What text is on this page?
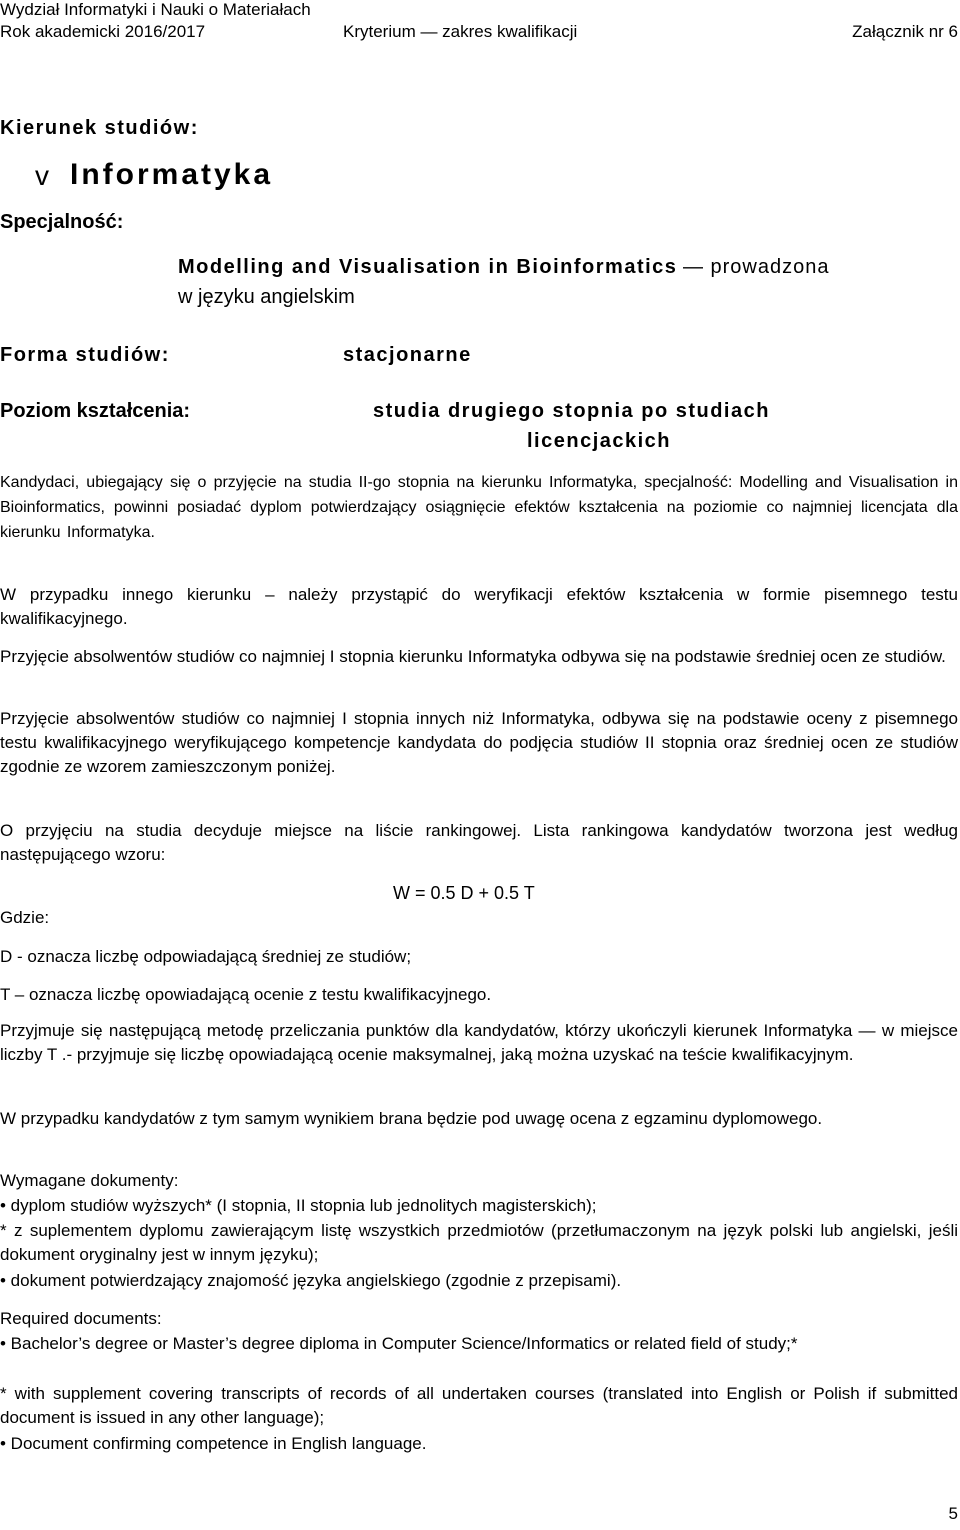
Wydział Informatyki i Nauki o Materiałach
Rok akademicki 2016/2017	Kryterium — zakres kwalifikacji	Załącznik nr 6
Kierunek studiów:
v Informatyka
Specjalność:
Modelling and Visualisation in Bioinformatics — prowadzona
w języku angielskim
Forma studiów:	stacjonarne
Poziom kształcenia:	studia drugiego stopnia po studiach
licencjackich
Kandydaci, ubiegający się o przyjęcie na studia II-go stopnia na kierunku Informatyka, specjalność: Modelling and Visualisation in Bioinformatics, powinni posiadać dyplom potwierdzający osiągnięcie efektów kształcenia na poziomie co najmniej licencjata dla kierunku Informatyka.
W przypadku innego kierunku – należy przystąpić do weryfikacji efektów kształcenia w formie pisemnego testu kwalifikacyjnego.
Przyjęcie absolwentów studiów co najmniej I stopnia kierunku Informatyka odbywa się na podstawie średniej ocen ze studiów.
Przyjęcie absolwentów studiów co najmniej I stopnia innych niż Informatyka, odbywa się na podstawie oceny z pisemnego testu kwalifikacyjnego weryfikującego kompetencje kandydata do podjęcia studiów II stopnia oraz średniej ocen ze studiów zgodnie ze wzorem zamieszczonym poniżej.
O przyjęciu na studia decyduje miejsce na liście rankingowej. Lista rankingowa kandydatów tworzona jest według następującego wzoru:
W = 0.5 D + 0.5 T
Gdzie:
D - oznacza liczbę odpowiadającą średniej ze studiów;
T – oznacza liczbę opowiadającą ocenie z testu kwalifikacyjnego.
Przyjmuje się następującą metodę przeliczania punktów dla kandydatów, którzy ukończyli kierunek Informatyka — w miejsce liczby T .- przyjmuje się liczbę opowiadającą ocenie maksymalnej, jaką można uzyskać na teście kwalifikacyjnym.
W przypadku kandydatów z tym samym wynikiem brana będzie pod uwagę ocena z egzaminu dyplomowego.
Wymagane dokumenty:
• dyplom studiów wyższych* (I stopnia, II stopnia lub jednolitych magisterskich);
* z suplementem dyplomu zawierającym listę wszystkich przedmiotów (przetłumaczonym na język polski lub angielski, jeśli dokument oryginalny jest w innym języku);
• dokument potwierdzający znajomość języka angielskiego (zgodnie z przepisami).
Required documents:
• Bachelor’s degree or Master’s degree diploma in Computer Science/Informatics or related field of study;*
* with supplement covering transcripts of records of all undertaken courses (translated into English or Polish if submitted document is issued in any other language);
• Document confirming competence in English language.
5
